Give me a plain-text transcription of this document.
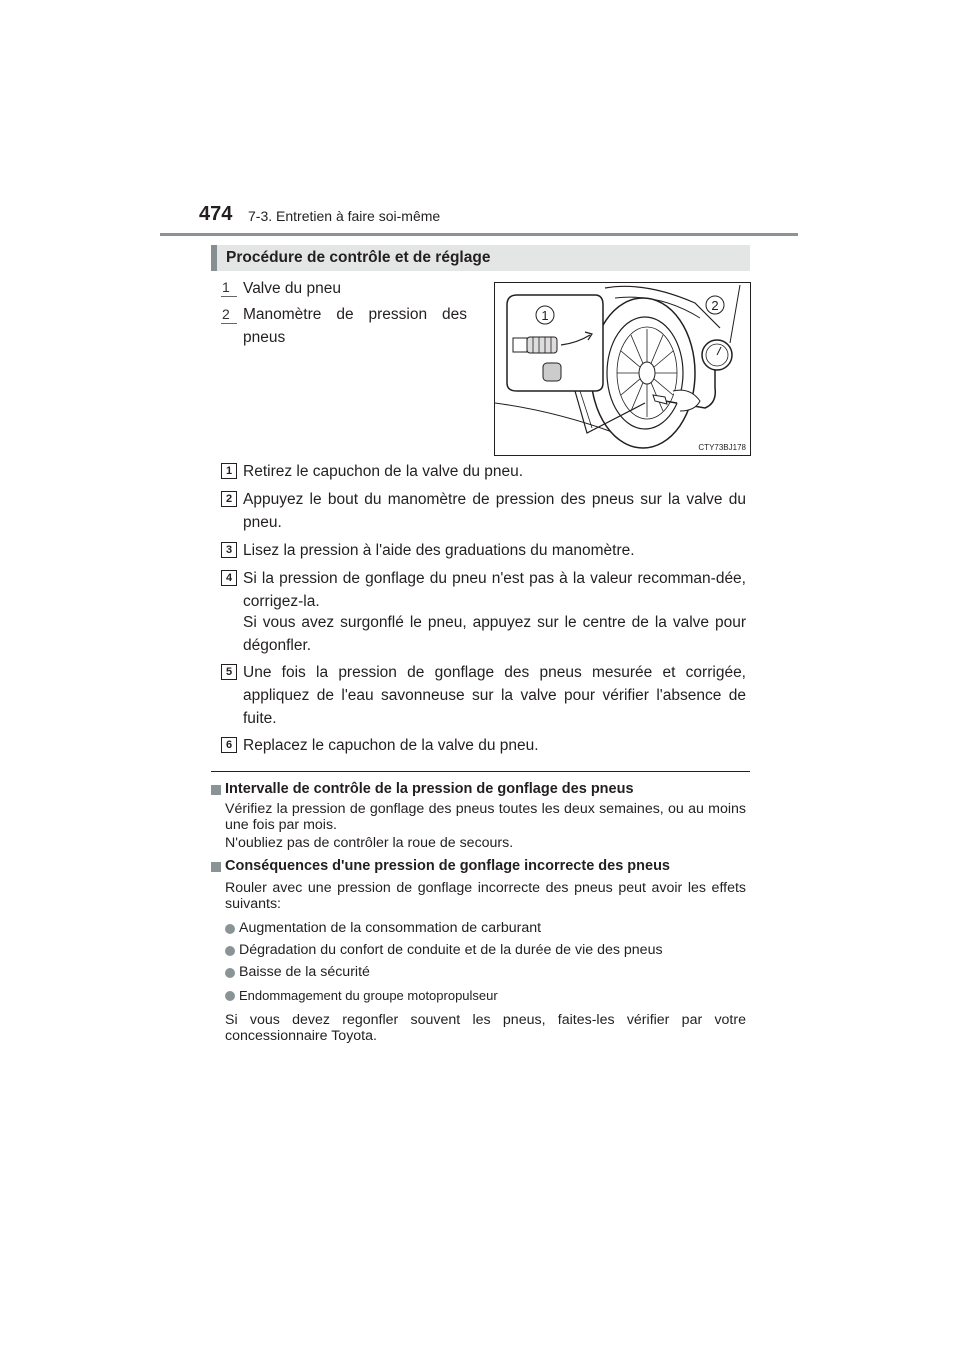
474 7-3. Entretien à faire soi-même
Procédure de contrôle et de réglage
1 Valve du pneu
2 Manomètre de pression des pneus
1
2
CTY73BJ178
1 Retirez le capuchon de la valve du pneu.
2 Appuyez le bout du manomètre de pression des pneus sur la valve du pneu.
3 Lisez la pression à l'aide des graduations du manomètre.
4 Si la pression de gonflage du pneu n'est pas à la valeur recomman-dée, corrigez-la.
Si vous avez surgonflé le pneu, appuyez sur le centre de la valve pour dégonfler.
5 Une fois la pression de gonflage des pneus mesurée et corrigée, appliquez de l'eau savonneuse sur la valve pour vérifier l'absence de fuite.
6 Replacez le capuchon de la valve du pneu.
Intervalle de contrôle de la pression de gonflage des pneus
Vérifiez la pression de gonflage des pneus toutes les deux semaines, ou au moins une fois par mois.
N'oubliez pas de contrôler la roue de secours.
Conséquences d'une pression de gonflage incorrecte des pneus
Rouler avec une pression de gonflage incorrecte des pneus peut avoir les effets suivants:
Augmentation de la consommation de carburant
Dégradation du confort de conduite et de la durée de vie des pneus
Baisse de la sécurité
Endommagement du groupe motopropulseur
Si vous devez regonfler souvent les pneus, faites-les vérifier par votre concessionnaire Toyota.
